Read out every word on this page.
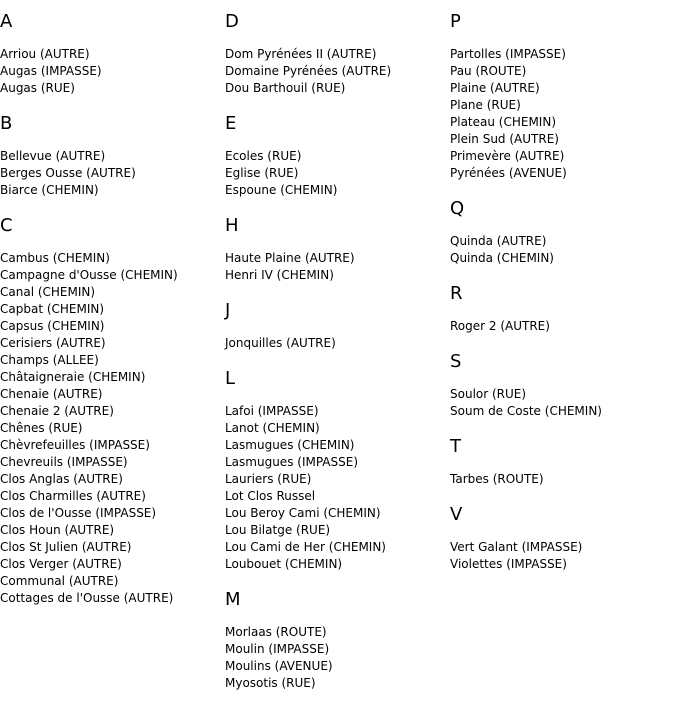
A
Arriou (AUTRE)
Augas (IMPASSE)
Augas (RUE)
B
Bellevue (AUTRE)
Berges Ousse (AUTRE)
Biarce (CHEMIN)
C
Cambus (CHEMIN)
Campagne d'Ousse (CHEMIN)
Canal (CHEMIN)
Capbat (CHEMIN)
Capsus (CHEMIN)
Cerisiers (AUTRE)
Champs (ALLEE)
Châtaigneraie (CHEMIN)
Chenaie (AUTRE)
Chenaie 2 (AUTRE)
Chênes (RUE)
Chèvrefeuilles (IMPASSE)
Chevreuils (IMPASSE)
Clos Anglas (AUTRE)
Clos Charmilles (AUTRE)
Clos de l'Ousse (IMPASSE)
Clos Houn (AUTRE)
Clos St Julien (AUTRE)
Clos Verger (AUTRE)
Communal (AUTRE)
Cottages de l'Ousse (AUTRE)
D
Dom Pyrénées II (AUTRE)
Domaine Pyrénées (AUTRE)
Dou Barthouil (RUE)
E
Ecoles (RUE)
Eglise (RUE)
Espoune (CHEMIN)
H
Haute Plaine (AUTRE)
Henri IV (CHEMIN)
J
Jonquilles (AUTRE)
L
Lafoi (IMPASSE)
Lanot (CHEMIN)
Lasmugues (CHEMIN)
Lasmugues (IMPASSE)
Lauriers (RUE)
Lot Clos Russel
Lou Beroy Cami (CHEMIN)
Lou Bilatge (RUE)
Lou Cami de Her (CHEMIN)
Loubouet (CHEMIN)
M
Morlaas (ROUTE)
Moulin (IMPASSE)
Moulins (AVENUE)
Myosotis (RUE)
P
Partolles (IMPASSE)
Pau (ROUTE)
Plaine (AUTRE)
Plane (RUE)
Plateau (CHEMIN)
Plein Sud (AUTRE)
Primevère (AUTRE)
Pyrénées (AVENUE)
Q
Quinda (AUTRE)
Quinda (CHEMIN)
R
Roger 2 (AUTRE)
S
Soulor (RUE)
Soum de Coste (CHEMIN)
T
Tarbes (ROUTE)
V
Vert Galant (IMPASSE)
Violettes (IMPASSE)
